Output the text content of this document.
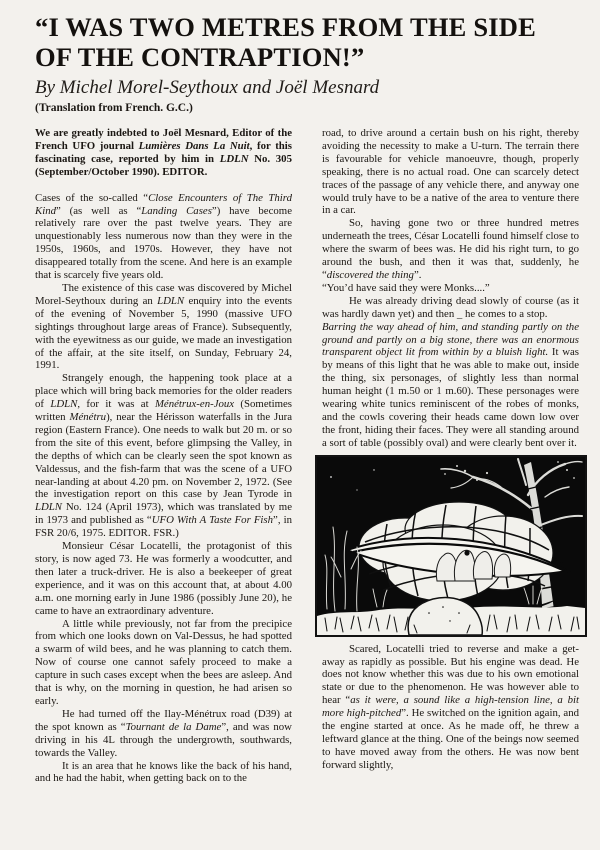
“I WAS TWO METRES FROM THE SIDE
OF THE CONTRAPTION!”
By Michel Morel-Seythoux and Joël Mesnard
(Translation from French. G.C.)

We are greatly indebted to Joël Mesnard, Editor of the French UFO journal Lumières Dans La Nuit, for this fascinating case, reported by him in LDLN No. 305 (September/October 1990). EDITOR.

Cases of the so-called “Close Encounters of The Third Kind” (as well as “Landing Cases”) have become relatively rare over the past twelve years. They are unquestionably less numerous now than they were in the 1950s, 1960s, and 1970s. However, they have not disappeared totally from the scene. And here is an example that is scarcely five years old.

The existence of this case was discovered by Michel Morel-Seythoux during an LDLN enquiry into the events of the evening of November 5, 1990 (massive UFO sightings throughout large areas of France). Subsequently, with the eyewitness as our guide, we made an investigation of the affair, at the site itself, on Sunday, February 24, 1991.

Strangely enough, the happening took place at a place which will bring back memories for the older readers of LDLN, for it was at Ménétrux-en-Joux (Sometimes written Ménétru), near the Hérisson waterfalls in the Jura region (Eastern France). One needs to walk but 20 m. or so from the site of this event, before glimpsing the Valley, in the depths of which can be clearly seen the spot known as Valdessus, and the fish-farm that was the scene of a UFO near-landing at about 4.20 pm. on November 2, 1972. (See the investigation report on this case by Jean Tyrode in LDLN No. 124 (April 1973), which was translated by me in 1973 and published as “UFO With A Taste For Fish”, in FSR 20/6, 1975. EDITOR. FSR.)

Monsieur César Locatelli, the protagonist of this story, is now aged 73. He was formerly a woodcutter, and then later a truck-driver. He is also a beekeeper of great experience, and it was on this account that, at about 4.00 a.m. one morning early in June 1986 (possibly June 20), he came to have an extraordinary adventure.

A little while previously, not far from the precipice from which one looks down on Val-Dessus, he had spotted a swarm of wild bees, and he was planning to catch them. Now of course one cannot safely proceed to make a capture in such cases except when the bees are asleep. And that is why, on the morning in question, he had arisen so early.

He had turned off the Ilay-Ménétrux road (D39) at the spot known as “Tournant de la Dame”, and was now driving in his 4L through the undergrowth, southwards, towards the Valley.

It is an area that he knows like the back of his hand, and he had the habit, when getting back on to the

road, to drive around a certain bush on his right, thereby avoiding the necessity to make a U-turn. The terrain there is favourable for vehicle manoeuvre, though, properly speaking, there is no actual road. One can scarcely detect traces of the passage of any vehicle there, and anyway one would truly have to be a native of the area to venture there in a car.

So, having gone two or three hundred metres underneath the trees, César Locatelli found himself close to where the swarm of bees was. He did his right turn, to go around the bush, and then it was that, suddenly, he “discovered the thing”.

“You’d have said they were Monks....”

He was already driving dead slowly of course (as it was hardly dawn yet) and then _ he comes to a stop.

Barring the way ahead of him, and standing partly on the ground and partly on a big stone, there was an enormous transparent object lit from within by a bluish light. It was by means of this light that he was able to make out, inside the thing, six personages, of slightly less than normal human height (1 m.50 or 1 m.60). These personages were wearing white tunics reminiscent of the robes of monks, and the cowls covering their heads came down low over the front, hiding their faces. They were all standing around a sort of table (possibly oval) and were clearly bent over it.

Scared, Locatelli tried to reverse and make a get-away as rapidly as possible. But his engine was dead. He does not know whether this was due to his own emotional state or due to the phenomenon. He was however able to hear “as it were, a sound like a high-tension line, a bit more high-pitched”. He switched on the ignition again, and the engine started at once. As he made off, he threw a leftward glance at the thing. One of the beings now seemed to have moved away from the others. He was now bent forward slightly,
